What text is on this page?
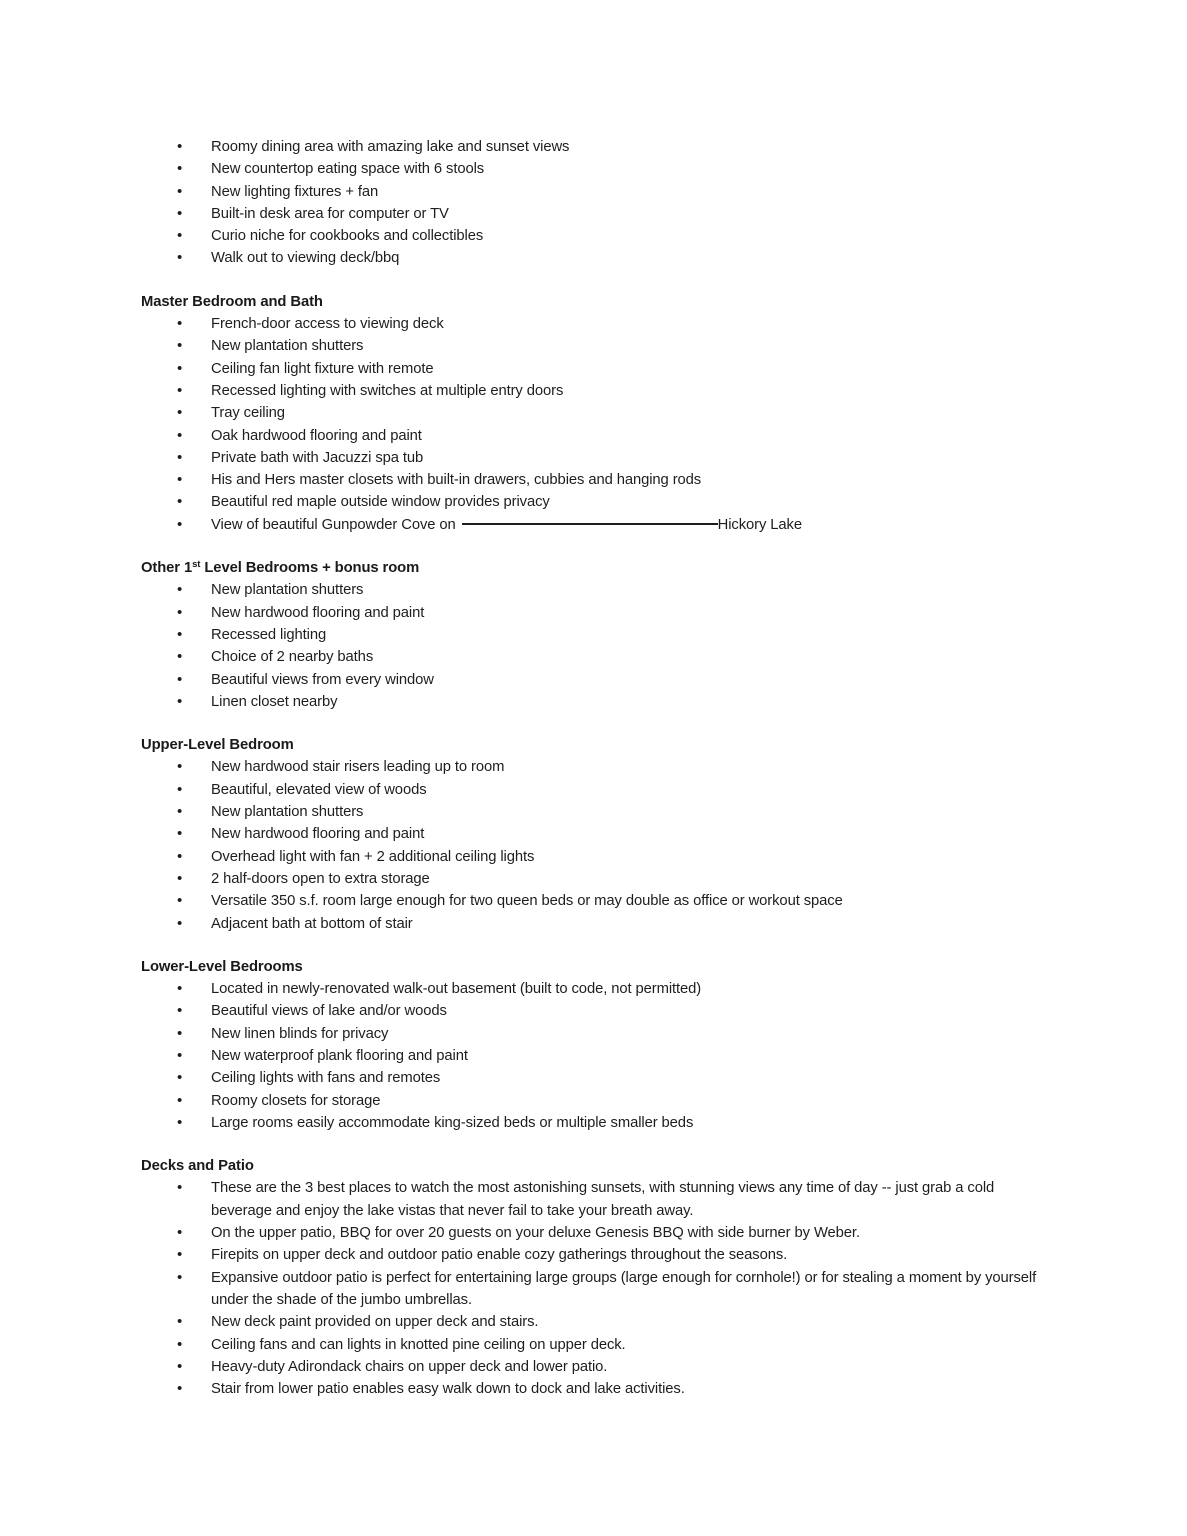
• Roomy dining area with amazing lake and sunset views
• New countertop eating space with 6 stools
• New lighting fixtures + fan
• Built-in desk area for computer or TV
• Curio niche for cookbooks and collectibles
• Walk out to viewing deck/bbq
Master Bedroom and Bath
• French-door access to viewing deck
• New plantation shutters
• Ceiling fan light fixture with remote
• Recessed lighting with switches at multiple entry doors
• Tray ceiling
• Oak hardwood flooring and paint
• Private bath with Jacuzzi spa tub
• His and Hers master closets with built-in drawers, cubbies and hanging rods
• Beautiful red maple outside window provides privacy
• View of beautiful Gunpowder Cove on	Hickory Lake
Other 1st Level Bedrooms + bonus room
• New plantation shutters
• New hardwood flooring and paint
• Recessed lighting
• Choice of 2 nearby baths
• Beautiful views from every window
• Linen closet nearby
Upper-Level Bedroom
• New hardwood stair risers leading up to room
• Beautiful, elevated view of woods
• New plantation shutters
• New hardwood flooring and paint
• Overhead light with fan + 2 additional ceiling lights
• 2 half-doors open to extra storage
• Versatile 350 s.f. room large enough for two queen beds or may double as office or workout space
• Adjacent bath at bottom of stair
Lower-Level Bedrooms
• Located in newly-renovated walk-out basement (built to code, not permitted)
• Beautiful views of lake and/or woods
• New linen blinds for privacy
• New waterproof plank flooring and paint
• Ceiling lights with fans and remotes
• Roomy closets for storage
• Large rooms easily accommodate king-sized beds or multiple smaller beds
Decks and Patio
• These are the 3 best places to watch the most astonishing sunsets, with stunning views any time of day -- just grab a cold beverage and enjoy the lake vistas that never fail to take your breath away.
• On the upper patio, BBQ for over 20 guests on your deluxe Genesis BBQ with side burner by Weber.
• Firepits on upper deck and outdoor patio enable cozy gatherings throughout the seasons.
• Expansive outdoor patio is perfect for entertaining large groups (large enough for cornhole!) or for stealing a moment by yourself under the shade of the jumbo umbrellas.
• New deck paint provided on upper deck and stairs.
• Ceiling fans and can lights in knotted pine ceiling on upper deck.
• Heavy-duty Adirondack chairs on upper deck and lower patio.
• Stair from lower patio enables easy walk down to dock and lake activities.
